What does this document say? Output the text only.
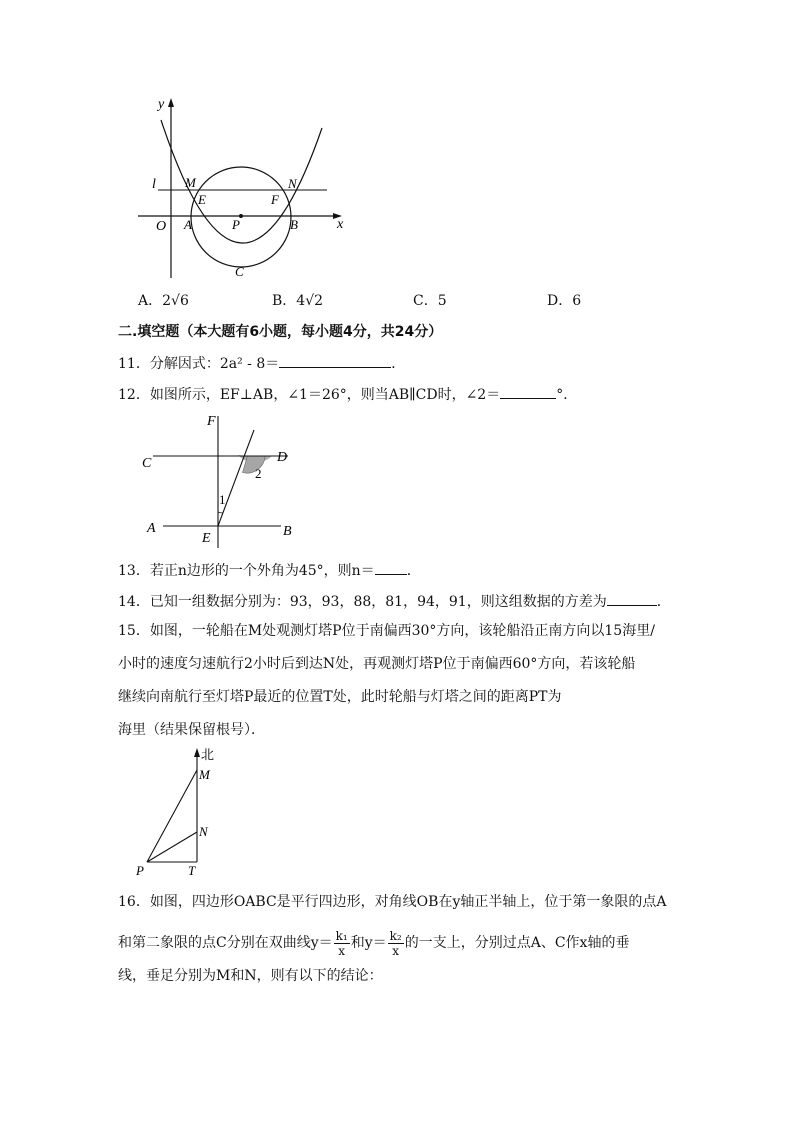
y
x
O
l M	N
E	F
A	P	B
C
A．2√6	B．4√2	C．5	D．6
二.填空题（本大题有6小题，每小题4分，共24分）
11．分解因式：2a² - 8＝	．
12．如图所示，EF⊥AB，∠1＝26°，则当AB∥CD时，∠2＝	°．
F
C	D
2
1
A
E	B
13．若正n边形的一个外角为45°，则n＝ ．
14．已知一组数据分别为：93，93，88，81，94，91，则这组数据的方差为	．
15．如图，一轮船在M处观测灯塔P位于南偏西30°方向，该轮船沿正南方向以15海里/
小时的速度匀速航行2小时后到达N处，再观测灯塔P位于南偏西60°方向，若该轮船
继续向南航行至灯塔P最近的位置T处，此时轮船与灯塔之间的距离PT为
海里（结果保留根号）．
北
M
N
P	T
16．如图，四边形OABC是平行四边形，对角线OB在y轴正半轴上，位于第一象限的点A
和第二象限的点C分别在双曲线$y= \frac{\text{k₁}}{x}$ 和$y= \frac{\text{k₂}}{x}$ 的一支上，分别过点A、C作x轴的垂
线，垂足分别为M和N，则有以下的结论：
